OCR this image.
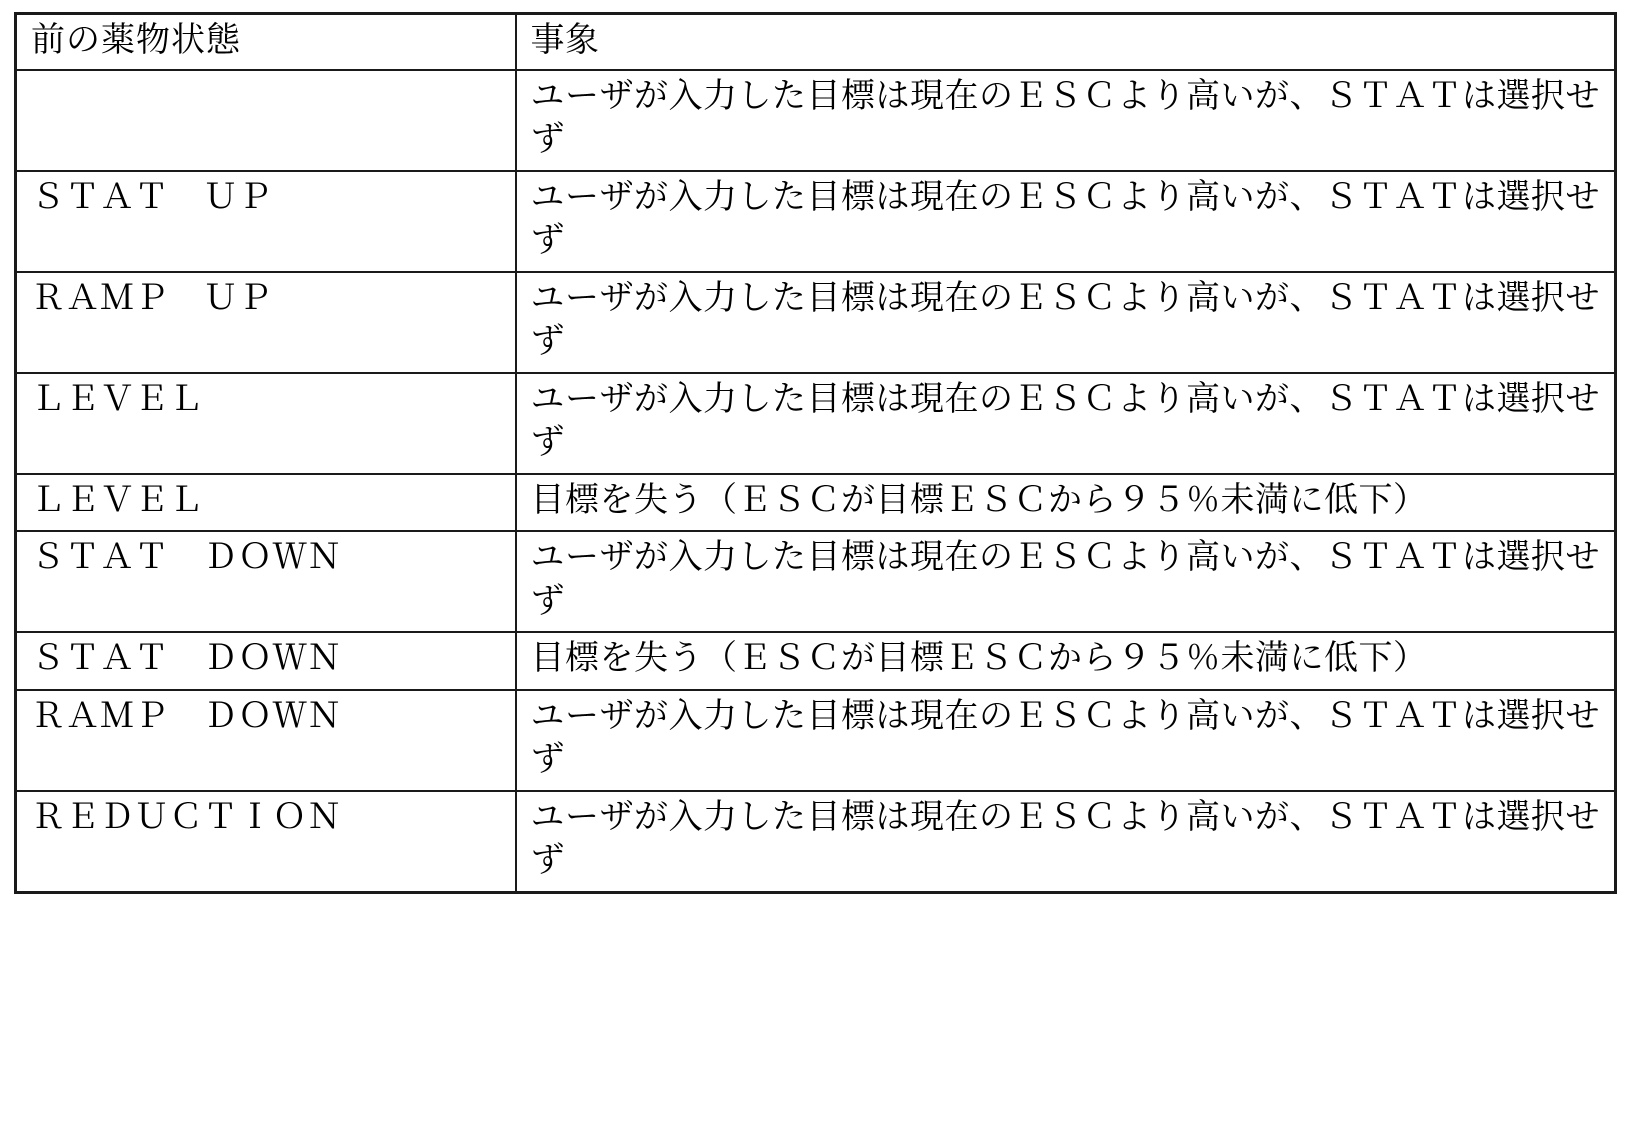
前の薬物状態	事象
	ユーザが入力した目標は現在のＥＳＣより高いが、ＳＴＡＴは選択せず
ＳＴＡＴ　ＵＰ	ユーザが入力した目標は現在のＥＳＣより高いが、ＳＴＡＴは選択せず
ＲＡＭＰ　ＵＰ	ユーザが入力した目標は現在のＥＳＣより高いが、ＳＴＡＴは選択せず
ＬＥＶＥＬ	ユーザが入力した目標は現在のＥＳＣより高いが、ＳＴＡＴは選択せず
ＬＥＶＥＬ	目標を失う（ＥＳＣが目標ＥＳＣから９５％未満に低下）
ＳＴＡＴ　ＤＯＷＮ	ユーザが入力した目標は現在のＥＳＣより高いが、ＳＴＡＴは選択せず
ＳＴＡＴ　ＤＯＷＮ	目標を失う（ＥＳＣが目標ＥＳＣから９５％未満に低下）
ＲＡＭＰ　ＤＯＷＮ	ユーザが入力した目標は現在のＥＳＣより高いが、ＳＴＡＴは選択せず
ＲＥＤＵＣＴＩＯＮ	ユーザが入力した目標は現在のＥＳＣより高いが、ＳＴＡＴは選択せず
